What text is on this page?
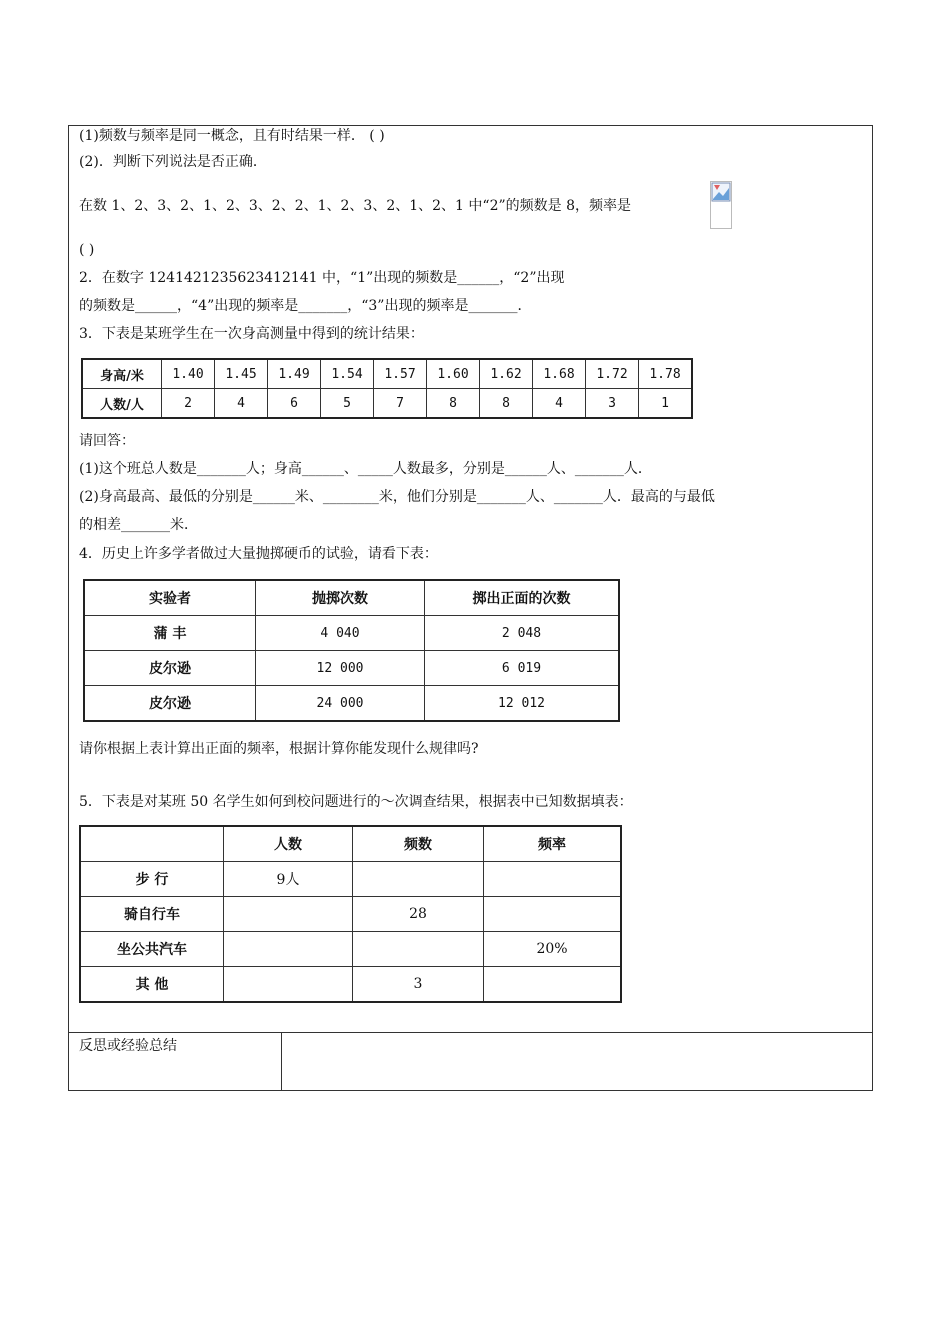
(1)频数与频率是同一概念，且有时结果一样． ( )
(2)．判断下列说法是否正确．
在数 1、2、3、2、1、2、3、2、2、1、2、3、2、1、2、1 中“2”的频数是 8，频率是
( )
2．在数字 1241421235623412141 中，“1”出现的频数是______，“2”出现
的频数是______，“4”出现的频率是_______，“3”出现的频率是_______．
3．下表是某班学生在一次身高测量中得到的统计结果：
身高/米	1.40	1.45	1.49	1.54	1.57	1.60	1.62	1.68	1.72	1.78
人数/人	2	4	6	5	7	8	8	4	3	1
请回答：
(1)这个班总人数是_______人；身高______、_____人数最多，分别是______人、_______人．
(2)身高最高、最低的分别是______米、________米，他们分别是_______人、_______人．最高的与最低
的相差_______米．
4．历史上许多学者做过大量抛掷硬币的试验，请看下表：
实验者	抛掷次数	掷出正面的次数
蒲 丰	4 040	2 048
皮尔逊	12 000	6 019
皮尔逊	24 000	12 012
请你根据上表计算出正面的频率，根据计算你能发现什么规律吗?
5．下表是对某班 50 名学生如何到校问题进行的～次调查结果，根据表中已知数据填表：
	人数	频数	频率
步 行	9人		
骑自行车		28	
坐公共汽车			20%
其 他		3	
反思或经验总结
